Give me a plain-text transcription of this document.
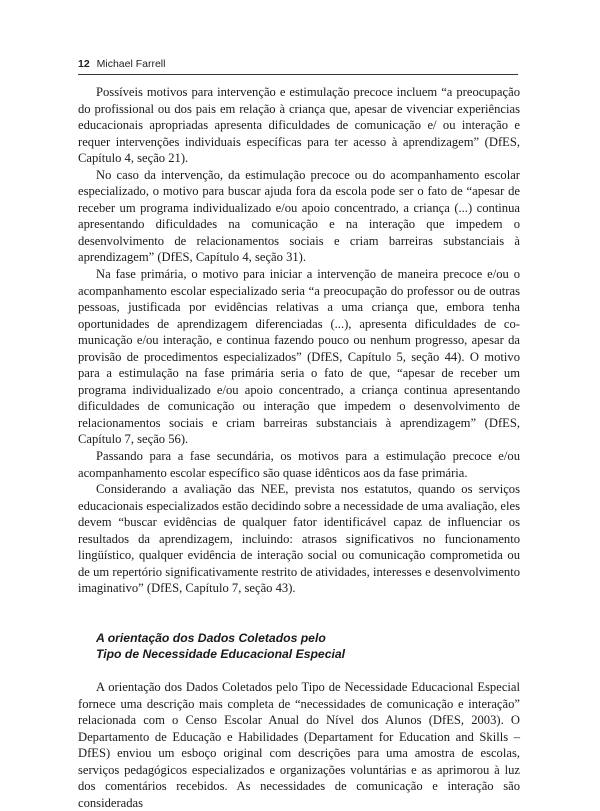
12 Michael Farrell

Possíveis motivos para intervenção e estimulação precoce incluem “a preocupação do profissional ou dos pais em relação à criança que, apesar de vivenciar experiências educacionais apropriadas apresenta dificuldades de comunicação e/ ou interação e requer intervenções individuais específicas para ter acesso à aprendizagem” (DfES, Capítulo 4, seção 21).

No caso da intervenção, da estimulação precoce ou do acompanhamento escolar especializado, o motivo para buscar ajuda fora da escola pode ser o fato de “apesar de receber um programa individualizado e/ou apoio concentrado, a criança (...) continua apresentando dificuldades na comunicação e na interação que impedem o desenvolvimento de relacionamentos sociais e criam barreiras substanciais à aprendizagem” (DfES, Capítulo 4, seção 31).

Na fase primária, o motivo para iniciar a intervenção de maneira precoce e/ou o acompanhamento escolar especializado seria “a preocupação do professor ou de outras pessoas, justificada por evidências relativas a uma criança que, embora tenha oportunidades de aprendizagem diferenciadas (...), apresenta dificuldades de comunicação e/ou interação, e continua fazendo pouco ou nenhum progresso, apesar da provisão de procedimentos especializados” (DfES, Capítulo 5, seção 44). O motivo para a estimulação na fase primária seria o fato de que, “apesar de receber um programa individualizado e/ou apoio concentrado, a criança continua apresentando dificuldades de comunicação ou interação que impedem o desenvolvimento de relacionamentos sociais e criam barreiras substanciais à aprendizagem” (DfES, Capítulo 7, seção 56).

Passando para a fase secundária, os motivos para a estimulação precoce e/ou acompanhamento escolar específico são quase idênticos aos da fase primária.

Considerando a avaliação das NEE, prevista nos estatutos, quando os serviços educacionais especializados estão decidindo sobre a necessidade de uma avaliação, eles devem “buscar evidências de qualquer fator identificável capaz de influenciar os resultados da aprendizagem, incluindo: atrasos significativos no funcionamento lingüístico, qualquer evidência de interação social ou comunicação comprometida ou de um repertório significativamente restrito de atividades, interesses e desenvolvimento imaginativo” (DfES, Capítulo 7, seção 43).

A orientação dos Dados Coletados pelo
Tipo de Necessidade Educacional Especial

A orientação dos Dados Coletados pelo Tipo de Necessidade Educacional Especial fornece uma descrição mais completa de “necessidades de comunicação e interação” relacionada com o Censo Escolar Anual do Nível dos Alunos (DfES, 2003). O Departamento de Educação e Habilidades (Departament for Education and Skills – DfES) enviou um esboço original com descrições para uma amostra de escolas, serviços pedagógicos especializados e organizações voluntárias e as aprimorou à luz dos comentários recebidos. As necessidades de comunicação e interação são consideradas
